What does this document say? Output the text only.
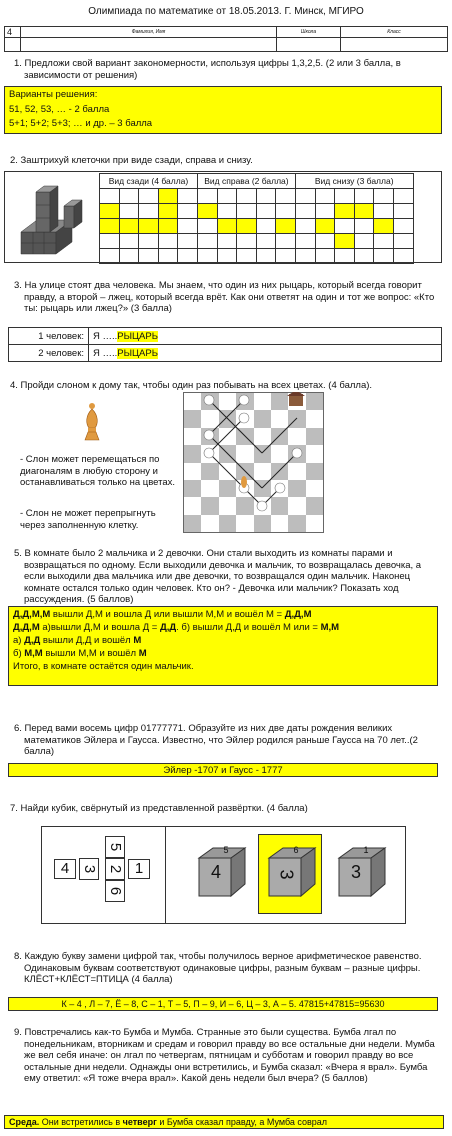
Олимпиада по математике от 18.05.2013. Г. Минск, МГИРО
4	Фамилия, Имя	Школа	Класс

1. Предложи свой вариант закономерности, используя цифры 1,3,2,5. (2 или 3 балла, в зависимости от решения)
Варианты решения:
51, 52, 53, … - 2 балла
5+1; 5+2; 5+3; … и др. – 3 балла
2. Заштрихуй клеточки при виде сзади, справа и снизу.
Вид сзади (4 балла)					Вид справа (2 балла)					Вид снизу (3 балла)					

3. На улице стоят два человека. Мы знаем, что один из них рыцарь, который всегда говорит правду, а второй – лжец, который всегда врёт. Как они ответят на один и тот же вопрос: «Кто ты: рыцарь или лжец?» (3 балла)
1 человек:	Я …..РЫЦАРЬ
2 человек:	Я …..РЫЦАРЬ
4. Пройди слоном к дому так, чтобы один раз побывать на всех цветах. (4 балла).
- Слон может перемещаться по диагоналям в любую сторону и останавливаться только на цветах.
- Слон не может перепрыгнуть через заполненную клетку.
5. В комнате было 2 мальчика и 2 девочки. Они стали выходить из комнаты парами и возвращаться по одному. Если выходили девочка и мальчик, то возвращалась девочка, а если выходили два мальчика или две девочки, то возвращался один мальчик. Наконец комнате остался только один человек. Кто он? - Девочка или мальчик? Показать ход рассуждения. (5 баллов)
Д,Д,М,М вышли Д,М и вошла Д или вышли М,М и вошёл М = Д,Д,М
Д,Д,М а)вышли Д,М и вошла Д = Д,Д. б) вышли Д,Д и вошёл М или = М,М
а) Д,Д вышли Д,Д и вошёл М
б) М,М вышли М,М и вошёл М
Итого, в комнате остаётся один мальчик.
6. Перед вами восемь цифр 01777771. Образуйте из них две даты рождения великих математиков Эйлера и Гаусса. Известно, что Эйлер родился раньше Гаусса на 70 лет..(2 балла)
Эйлер -1707 и Гаусс - 1777
7. Найди кубик, свёрнутый из представленной развёртки. (4 балла)
5
4 3 2 1
6
4
5
3
6
3
1
8. Каждую букву замени цифрой так, чтобы получилось верное арифметическое равенство. Одинаковым буквам соответствуют одинаковые цифры, разным буквам – разные цифры. КЛЁСТ+КЛЁСТ=ПТИЦА (4 балла)
К – 4 , Л – 7, Ё – 8, С – 1, Т – 5, П – 9, И – 6, Ц – 3, А – 5. 47815+47815=95630
9. Повстречались как-то Бумба и Мумба. Странные это были существа. Бумба лгал по понедельникам, вторникам и средам и говорил правду во все остальные дни недели. Мумба же вел себя иначе: он лгал по четвергам, пятницам и субботам и говорил правду во все остальные дни недели. Однажды они встретились, и Бумба сказал: «Вчера я врал». Бумба ему ответил: «Я тоже вчера врал». Какой день недели был вчера? (5 баллов)
Среда. Они встретились в четверг и Бумба сказал правду, а Мумба соврал
